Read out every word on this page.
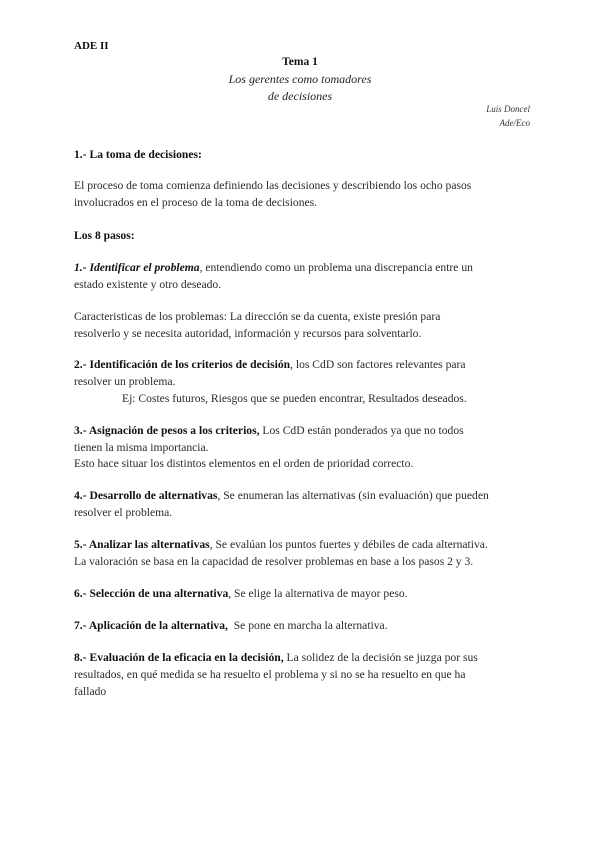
ADE II
Tema 1
Los gerentes como tomadores
de decisiones
Luis Doncel
Ade/Eco
1.- La toma de decisiones:
El proceso de toma comienza definiendo las decisiones y describiendo los ocho pasos
involucrados en el proceso de la toma de decisiones.
Los 8 pasos:
1.- Identificar el problema, entendiendo como un problema una discrepancia entre un
estado existente y otro deseado.
Caracteristicas de los problemas: La dirección se da cuenta, existe presión para
resolverlo y se necesita autoridad, información y recursos para solventarlo.
2.- Identificación de los criterios de decisión, los CdD son factores relevantes para
resolver un problema.
Ej: Costes futuros, Riesgos que se pueden encontrar, Resultados deseados.
3.- Asignación de pesos a los criterios, Los CdD están ponderados ya que no todos
tienen la misma importancia.
Esto hace situar los distintos elementos en el orden de prioridad correcto.
4.- Desarrollo de alternativas, Se enumeran las alternativas (sin evaluación) que pueden
resolver el problema.
5.- Analizar las alternativas, Se evalúan los puntos fuertes y débiles de cada alternativa.
La valoración se basa en la capacidad de resolver problemas en base a los pasos 2 y 3.
6.- Selección de una alternativa, Se elige la alternativa de mayor peso.
7.- Aplicación de la alternativa,  Se pone en marcha la alternativa.
8.- Evaluación de la eficacia en la decisión, La solidez de la decisión se juzga por sus
resultados, en qué medida se ha resuelto el problema y si no se ha resuelto en que ha
fallado
